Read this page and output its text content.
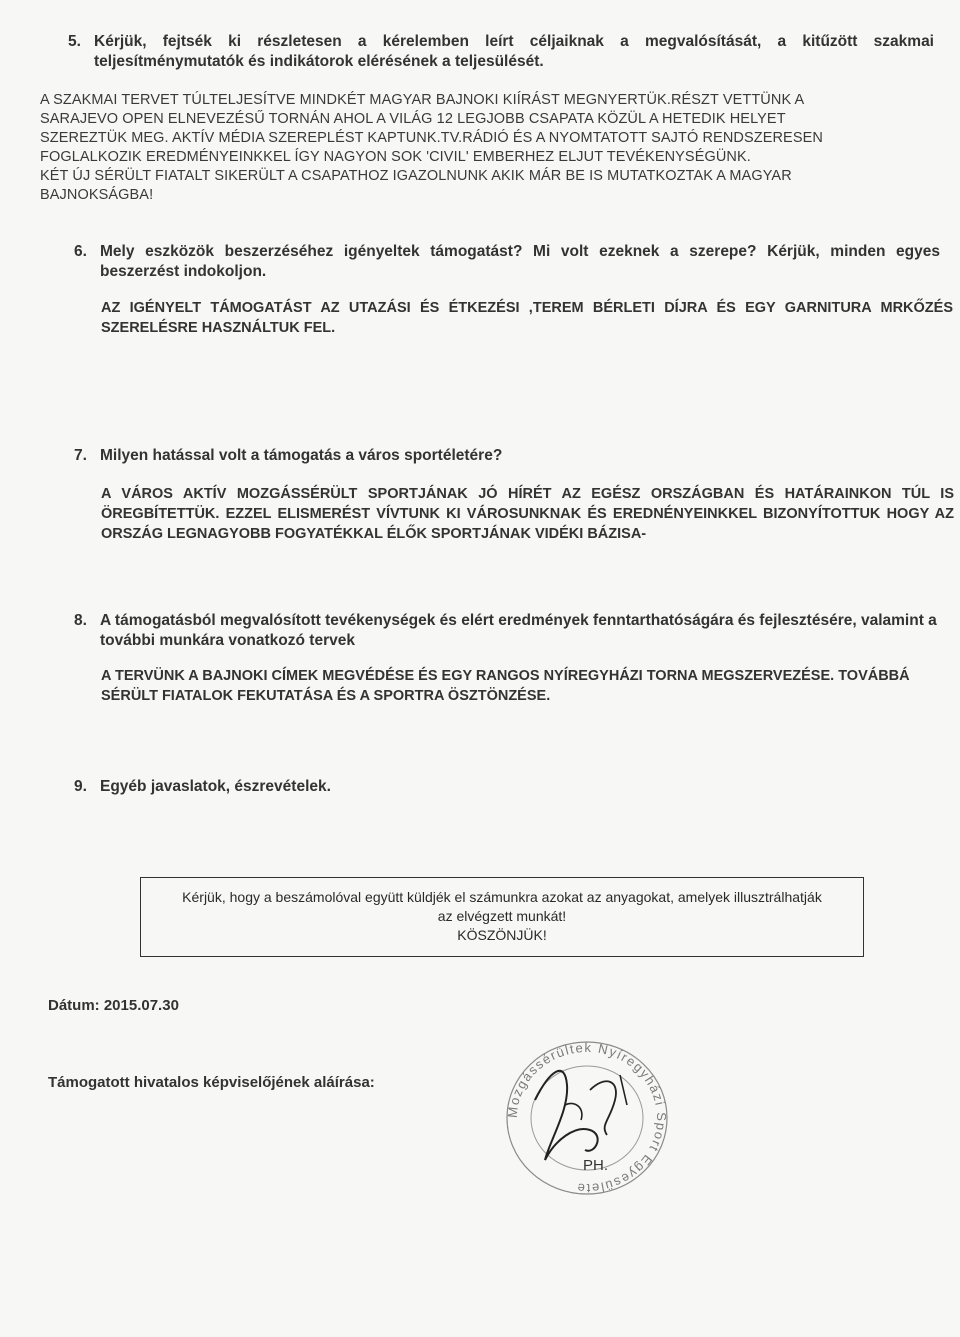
5. Kérjük, fejtsék ki részletesen a kérelemben leírt céljaiknak a megvalósítását, a kitűzött szakmai teljesítménymutatók és indikátorok elérésének a teljesülését.
A SZAKMAI TERVET TÚLTELJESÍTVE MINDKÉT MAGYAR BAJNOKI KIÍRÁST MEGNYERTÜK.RÉSZT VETTÜNK A
SARAJEVO OPEN ELNEVEZÉSŰ TORNÁN AHOL A VILÁG 12 LEGJOBB CSAPATA KÖZÜL A HETEDIK HELYET
SZEREZTÜK MEG. AKTÍV MÉDIA SZEREPLÉST KAPTUNK.TV.RÁDIÓ ÉS A NYOMTATOTT SAJTÓ RENDSZERESEN
FOGLALKOZIK EREDMÉNYEINKKEL ÍGY NAGYON SOK 'CIVIL' EMBERHEZ ELJUT TEVÉKENYSÉGÜNK.
KÉT ÚJ SÉRÜLT FIATALT SIKERÜLT A CSAPATHOZ IGAZOLNUNK AKIK MÁR BE IS MUTATKOZTAK A MAGYAR
BAJNOKSÁGBA!
6. Mely eszközök beszerzéséhez igényeltek támogatást? Mi volt ezeknek a szerepe? Kérjük, minden egyes beszerzést indokoljon.
AZ IGÉNYELT TÁMOGATÁST AZ UTAZÁSI ÉS ÉTKEZÉSI ,TEREM BÉRLETI DÍJRA ÉS EGY GARNITURA MRKŐZÉS SZERELÉSRE HASZNÁLTUK FEL.
7. Milyen hatással volt a támogatás a város sportéletére?
A VÁROS AKTÍV MOZGÁSSÉRÜLT SPORTJÁNAK JÓ HÍRÉT AZ EGÉSZ ORSZÁGBAN ÉS HATÁRAINKON TÚL IS ÖREGBÍTETTÜK. EZZEL ELISMERÉST VÍVTUNK KI VÁROSUNKNAK ÉS EREDNÉNYEINKKEL BIZONYÍTOTTUK HOGY AZ ORSZÁG LEGNAGYOBB FOGYATÉKKAL ÉLŐK SPORTJÁNAK VIDÉKI BÁZISA-
8. A támogatásból megvalósított tevékenységek és elért eredmények fenntarthatóságára és fejlesztésére, valamint a további munkára vonatkozó tervek
A TERVÜNK A BAJNOKI CÍMEK MEGVÉDÉSE ÉS EGY RANGOS NYÍREGYHÁZI TORNA MEGSZERVEZÉSE. TOVÁBBÁ SÉRÜLT FIATALOK FEKUTATÁSA ÉS A SPORTRA ÖSZTÖNZÉSE.
9. Egyéb javaslatok, észrevételek.
Kérjük, hogy a beszámolóval együtt küldjék el számunkra azokat az anyagokat, amelyek illusztrálhatják
az elvégzett munkát!
KÖSZÖNJÜK!
Dátum: 2015.07.30
Támogatott hivatalos képviselőjének aláírása:
Mozgássérültek Nyíregyházi Sport Egyesülete
PH.
